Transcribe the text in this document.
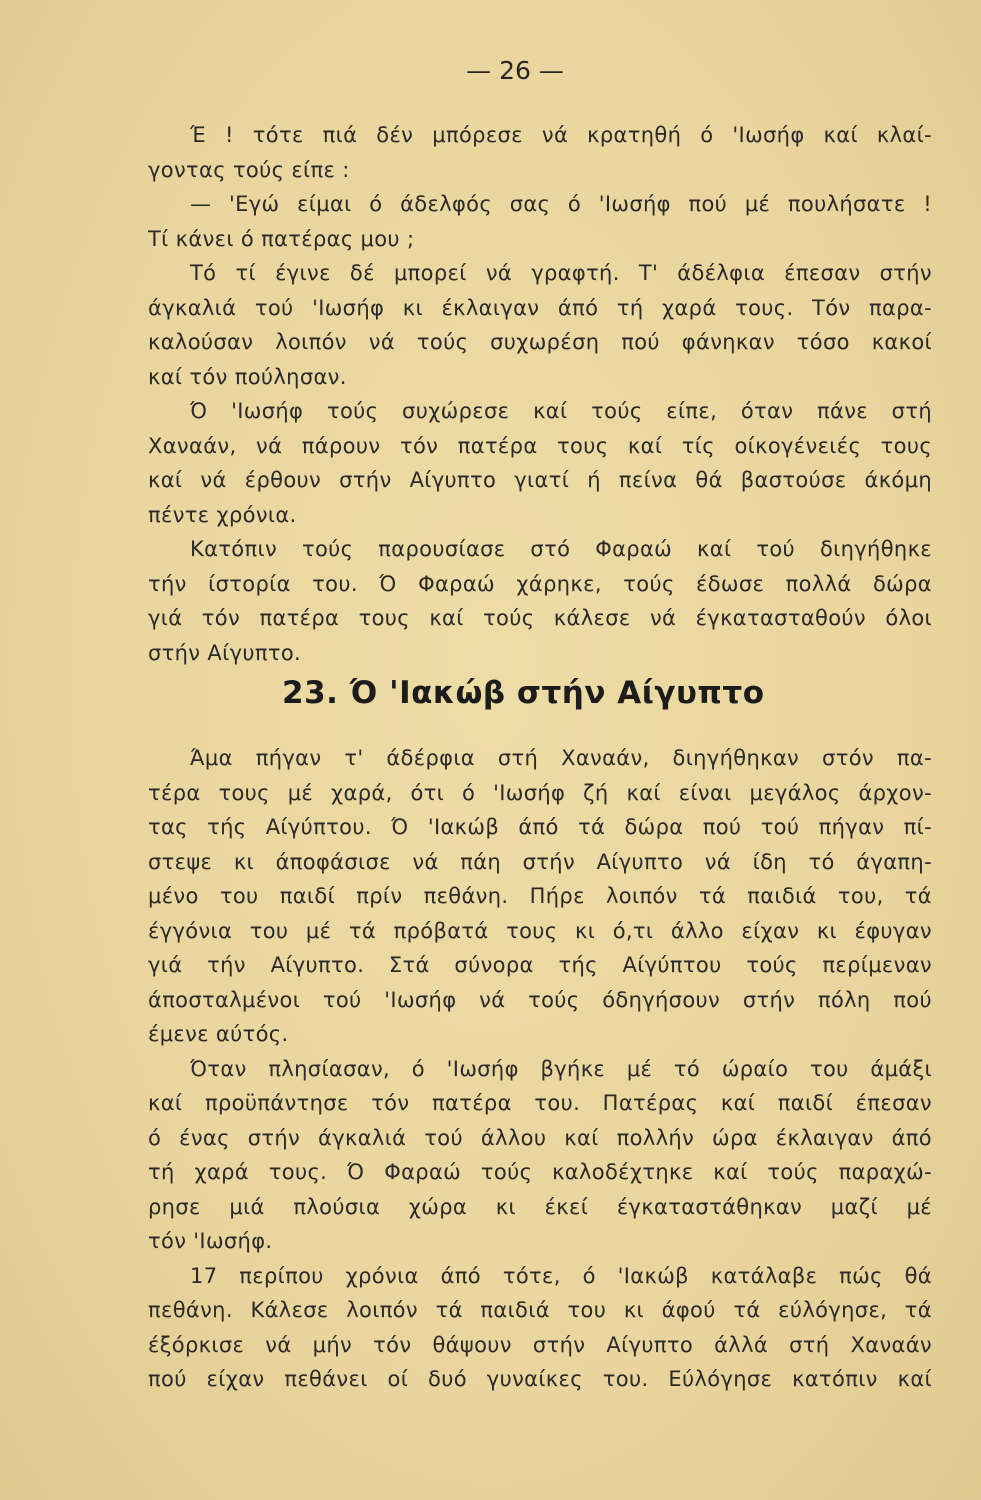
— 26 —
Έ ! τότε πιά δέν μπόρεσε νά κρατηθή ό 'Ιωσήφ καί κλαί-
γοντας τούς είπε :
— 'Εγώ είμαι ό άδελφός σας ό 'Ιωσήφ πού μέ πουλήσατε !
Τί κάνει ό πατέρας μου ;
Τό τί έγινε δέ μπορεί νά γραφτή. Τ' άδέλφια έπεσαν στήν
άγκαλιά τού 'Ιωσήφ κι έκλαιγαν άπό τή χαρά τους. Τόν παρα-
καλούσαν λοιπόν νά τούς συχωρέση πού φάνηκαν τόσο κακοί
καί τόν πούλησαν.
Ό 'Ιωσήφ τούς συχώρεσε καί τούς είπε, όταν πάνε στή
Χαναάν, νά πάρουν τόν πατέρα τους καί τίς οίκογένειές τους
καί νά έρθουν στήν Αίγυπτο γιατί ή πείνα θά βαστούσε άκόμη
πέντε χρόνια.
Κατόπιν τούς παρουσίασε στό Φαραώ καί τού διηγήθηκε
τήν ίστορία του. Ό Φαραώ χάρηκε, τούς έδωσε πολλά δώρα
γιά τόν πατέρα τους καί τούς κάλεσε νά έγκατασταθούν όλοι
στήν Αίγυπτο.
23. Ό 'Ιακώβ στήν Αίγυπτο
Άμα πήγαν τ' άδέρφια στή Χαναάν, διηγήθηκαν στόν πα-
τέρα τους μέ χαρά, ότι ό 'Ιωσήφ ζή καί είναι μεγάλος άρχον-
τας τής Αίγύπτου. Ό 'Ιακώβ άπό τά δώρα πού τού πήγαν πί-
στεψε κι άποφάσισε νά πάη στήν Αίγυπτο νά ίδη τό άγαπη-
μένο του παιδί πρίν πεθάνη. Πήρε λοιπόν τά παιδιά του, τά
έγγόνια του μέ τά πρόβατά τους κι ό,τι άλλο είχαν κι έφυγαν
γιά τήν Αίγυπτο. Στά σύνορα τής Αίγύπτου τούς περίμεναν
άποσταλμένοι τού 'Ιωσήφ νά τούς όδηγήσουν στήν πόλη πού
έμενε αύτός.
Όταν πλησίασαν, ό 'Ιωσήφ βγήκε μέ τό ώραίο του άμάξι
καί προϋπάντησε τόν πατέρα του. Πατέρας καί παιδί έπεσαν
ό ένας στήν άγκαλιά τού άλλου καί πολλήν ώρα έκλαιγαν άπό
τή χαρά τους. Ό Φαραώ τούς καλοδέχτηκε καί τούς παραχώ-
ρησε μιά πλούσια χώρα κι έκεί έγκαταστάθηκαν μαζί μέ
τόν 'Ιωσήφ.
17 περίπου χρόνια άπό τότε, ό 'Ιακώβ κατάλαβε πώς θά
πεθάνη. Κάλεσε λοιπόν τά παιδιά του κι άφού τά εύλόγησε, τά
έξόρκισε νά μήν τόν θάψουν στήν Αίγυπτο άλλά στή Χαναάν
πού είχαν πεθάνει οί δυό γυναίκες του. Εύλόγησε κατόπιν καί
